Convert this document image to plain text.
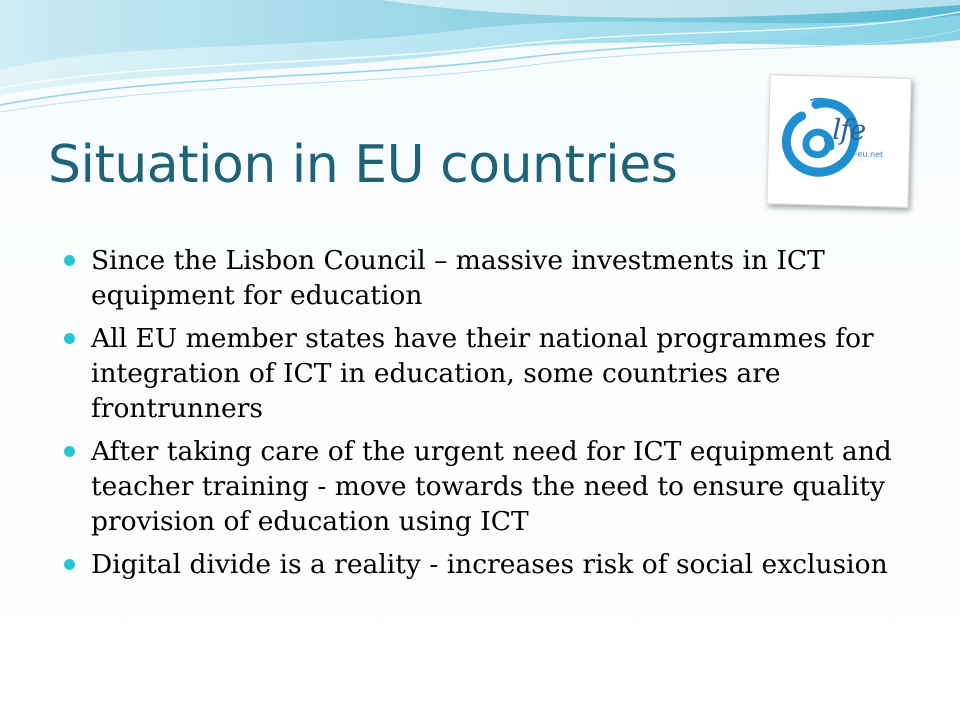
Situation in EU countries
lfe
-eu.net
Since the Lisbon Council – massive investments in ICT equipment for education
All EU member states have their national programmes for integration of ICT in education, some countries are frontrunners
After taking care of the urgent need for ICT equipment and teacher training - move towards the need to ensure quality provision of education using ICT
Digital divide is a reality - increases risk of social exclusion
